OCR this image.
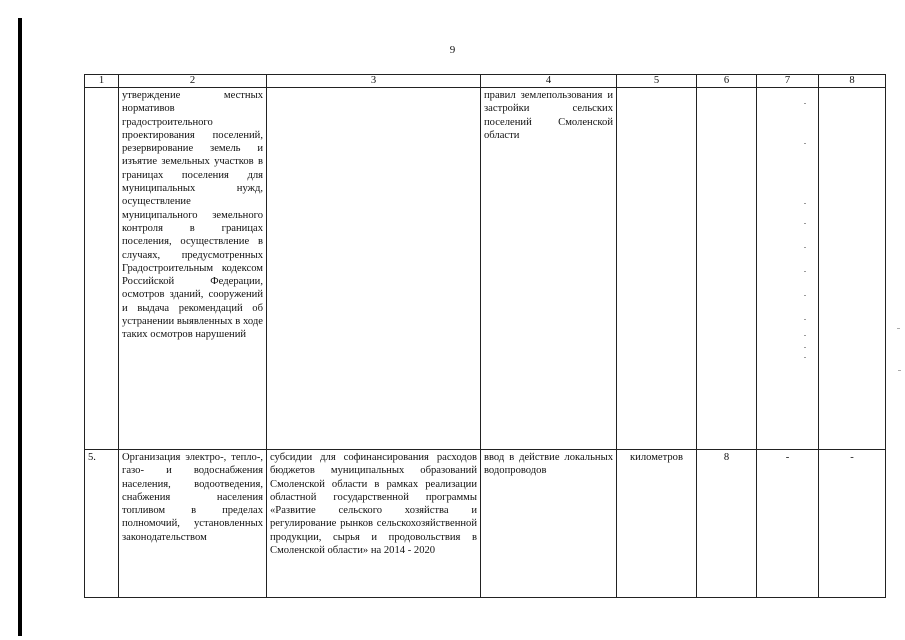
9
1	2	3	4	5	6	7	8
	утверждение местных нормативов градостроительного проектирования поселений, резервирование земель и изъятие земельных участков в границах поселения для муниципальных нужд, осуществление муниципального земельного контроля в границах поселения, осуществление в случаях, предусмотренных Градостроительным кодексом Российской Федерации, осмотров зданий, сооружений и выдача рекомендаций об устранении выявленных в ходе таких осмотров нарушений		правил землепользования и застройки сельских поселений Смоленской области				
5.	Организация электро-, тепло-, газо- и водоснабжения населения, водоотведения, снабжения населения топливом в пределах полномочий, установленных законодательством	субсидии для софинансирования расходов бюджетов муниципальных образований Смоленской области в рамках реализации областной государственной программы «Развитие сельского хозяйства и регулирование рынков сельскохозяйственной продукции, сырья и продовольствия в Смоленской области» на 2014 - 2020	ввод в действие локальных водопроводов	километров	8	-	-
